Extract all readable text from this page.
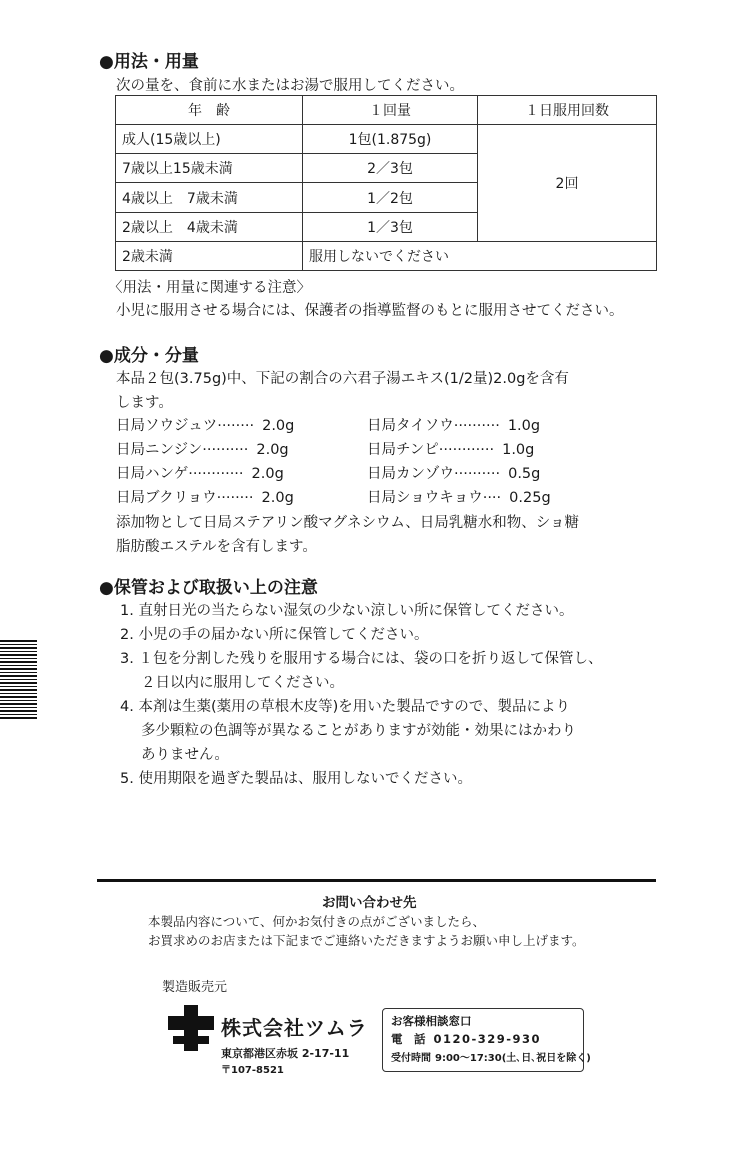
●用法・用量
次の量を、食前に水またはお湯で服用してください。
年　齢	１回量	１日服用回数
成人(15歳以上)	1包(1.875g)	2回
7歳以上15歳未満	2／3包	
4歳以上　7歳未満	1／2包	
2歳以上　4歳未満	1／3包	
2歳未満	服用しないでください	
〈用法・用量に関連する注意〉
小児に服用させる場合には、保護者の指導監督のもとに服用させてください。
●成分・分量
本品２包(3.75g)中、下記の割合の六君子湯エキス(1/2量)2.0gを含有
します。
日局ソウジュツ········ 2.0g
日局ニンジン·········· 2.0g
日局ハンゲ············ 2.0g
日局ブクリョウ········ 2.0g
日局タイソウ·········· 1.0g
日局チンピ············ 1.0g
日局カンゾウ·········· 0.5g
日局ショウキョウ···· 0.25g
添加物として日局ステアリン酸マグネシウム、日局乳糖水和物、ショ糖
脂肪酸エステルを含有します。
●保管および取扱い上の注意
1. 直射日光の当たらない湿気の少ない涼しい所に保管してください。
2. 小児の手の届かない所に保管してください。
3. １包を分割した残りを服用する場合には、袋の口を折り返して保管し、
２日以内に服用してください。
4. 本剤は生薬(薬用の草根木皮等)を用いた製品ですので、製品により
多少顆粒の色調等が異なることがありますが効能・効果にはかわり
ありません。
5. 使用期限を過ぎた製品は、服用しないでください。
お問い合わせ先
本製品内容について、何かお気付きの点がございましたら、
お買求めのお店または下記までご連絡いただきますようお願い申し上げます。
製造販売元
株式会社ツムラ
東京都港区赤坂 2-17-11
〒107-8521
お客様相談窓口
電　話 0120-329-930
受付時間 9:00～17:30(土､日､祝日を除く)
